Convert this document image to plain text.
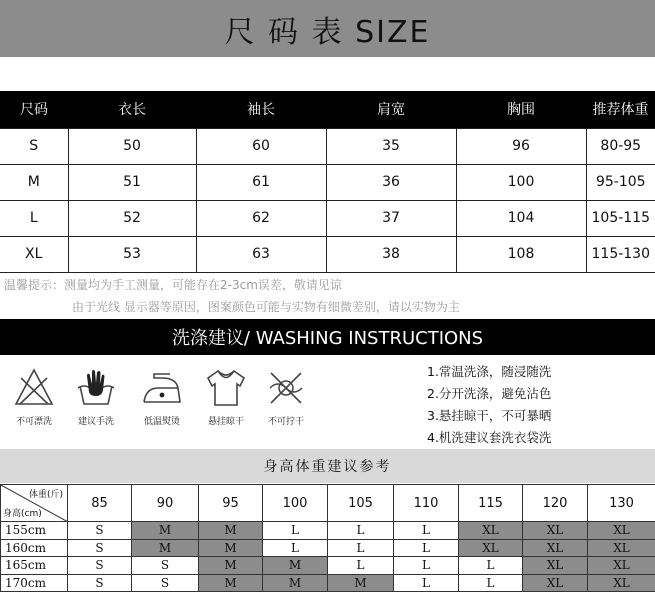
尺 码 表 SIZE
尺码	衣长	袖长	肩宽	胸围	推荐体重
S	50	60	35	96	80-95
M	51	61	36	100	95-105
L	52	62	37	104	105-115
XL	53	63	38	108	115-130
温馨提示：测量均为手工测量，可能存在2-3cm误差，敬请见谅
由于光线 显示器等原因，图案颜色可能与实物有细微差别，请以实物为主
洗涤建议/ WASHING INSTRUCTIONS
不可漂洗	建议手洗	低温熨烫	悬挂晾干	不可拧干
1.常温洗涤，随浸随洗
2.分开洗涤，避免沾色
3.悬挂晾干，不可暴晒
4.机洗建议套洗衣袋洗
身高体重建议参考
体重(斤)
身高(cm)	85	90	95	100	105	110	115	120	130
155cm	S	M	M	L	L	L	XL	XL	XL
160cm	S	M	M	L	L	L	XL	XL	XL
165cm	S	S	M	M	L	L	L	XL	XL
170cm	S	S	M	M	M	L	L	XL	XL
